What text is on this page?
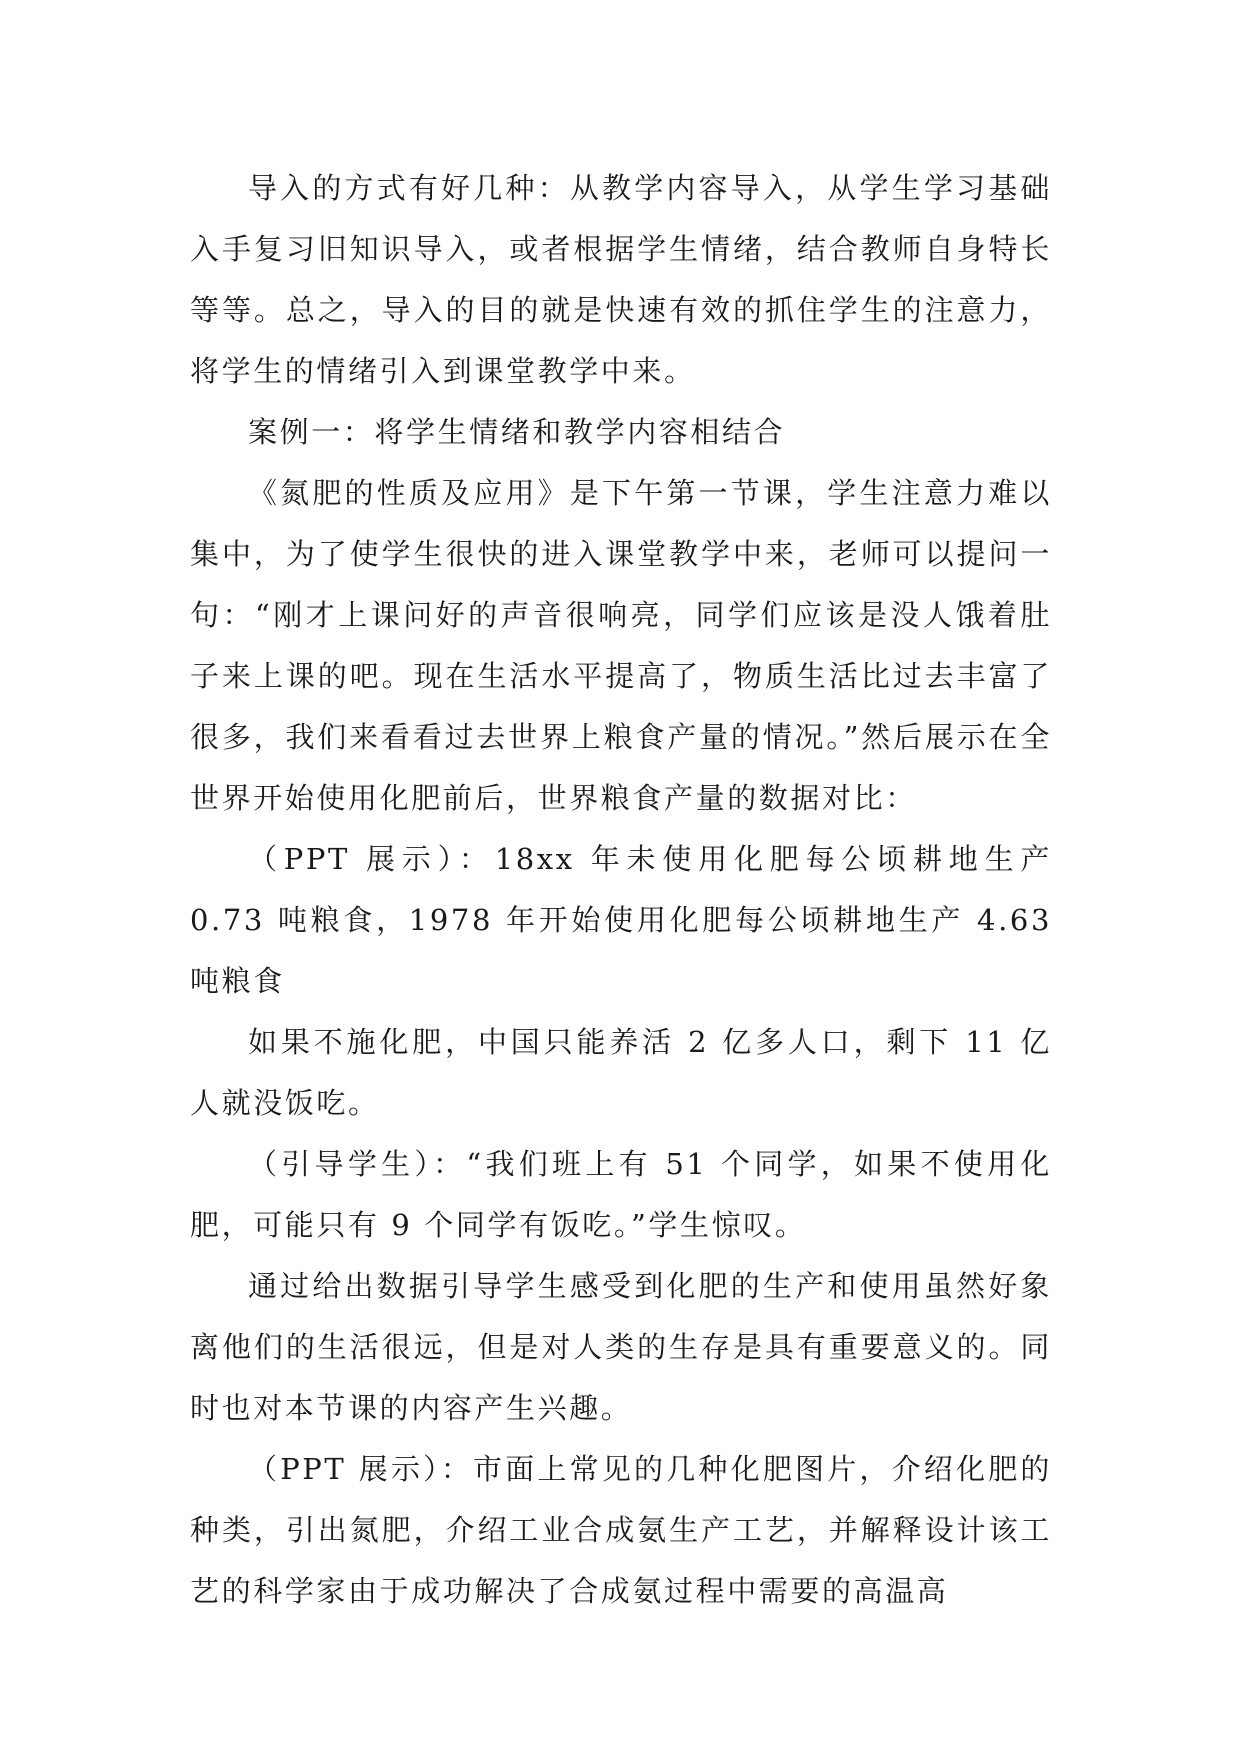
导入的方式有好几种：从教学内容导入，从学生学习基础入手复习旧知识导入，或者根据学生情绪，结合教师自身特长等等。总之，导入的目的就是快速有效的抓住学生的注意力，将学生的情绪引入到课堂教学中来。

案例一：将学生情绪和教学内容相结合

《氮肥的性质及应用》是下午第一节课，学生注意力难以集中，为了使学生很快的进入课堂教学中来，老师可以提问一句：“刚才上课问好的声音很响亮，同学们应该是没人饿着肚子来上课的吧。现在生活水平提高了，物质生活比过去丰富了很多，我们来看看过去世界上粮食产量的情况。”然后展示在全世界开始使用化肥前后，世界粮食产量的数据对比：

（PPT 展示）：18xx 年未使用化肥每公顷耕地生产 0.73 吨粮食，1978 年开始使用化肥每公顷耕地生产 4.63 吨粮食

如果不施化肥，中国只能养活 2 亿多人口，剩下 11 亿人就没饭吃。

（引导学生）：“我们班上有 51 个同学，如果不使用化肥，可能只有 9 个同学有饭吃。”学生惊叹。

通过给出数据引导学生感受到化肥的生产和使用虽然好象离他们的生活很远，但是对人类的生存是具有重要意义的。同时也对本节课的内容产生兴趣。

（PPT 展示）：市面上常见的几种化肥图片，介绍化肥的种类，引出氮肥，介绍工业合成氨生产工艺，并解释设计该工艺的科学家由于成功解决了合成氨过程中需要的高温高
